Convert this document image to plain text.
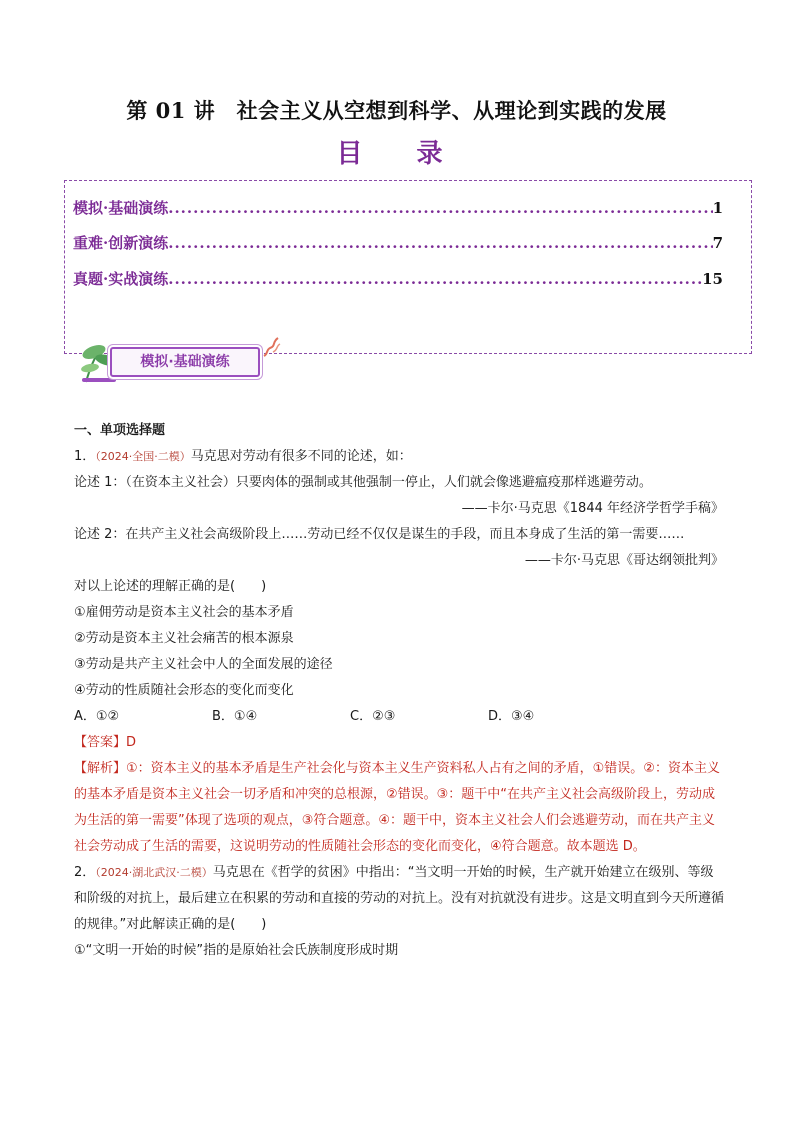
第 01 讲　社会主义从空想到科学、从理论到实践的发展
目　录
模拟·基础演练 .....	1
重难·创新演练 .....	7
真题·实战演练 .....	15
模拟·基础演练

一、单项选择题

1．（2024·全国·二模）马克思对劳动有很多不同的论述，如：

论述 1：（在资本主义社会）只要肉体的强制或其他强制一停止，人们就会像逃避瘟疫那样逃避劳动。

——卡尔·马克思《1844 年经济学哲学手稿》

论述 2：在共产主义社会高级阶段上……劳动已经不仅仅是谋生的手段，而且本身成了生活的第一需要……

——卡尔·马克思《哥达纲领批判》

对以上论述的理解正确的是(　　)

①雇佣劳动是资本主义社会的基本矛盾

②劳动是资本主义社会痛苦的根本源泉

③劳动是共产主义社会中人的全面发展的途径

④劳动的性质随社会形态的变化而变化

A．①②	B．①④	C．②③	D．③④

【答案】D

【解析】①：资本主义的基本矛盾是生产社会化与资本主义生产资料私人占有之间的矛盾，①错误。②：资本主义的基本矛盾是资本主义社会一切矛盾和冲突的总根源，②错误。③：题干中“在共产主义社会高级阶段上，劳动成为生活的第一需要”体现了选项的观点，③符合题意。④：题干中，资本主义社会人们会逃避劳动，而在共产主义社会劳动成了生活的需要，这说明劳动的性质随社会形态的变化而变化，④符合题意。故本题选 D。

2．（2024·湖北武汉·二模）马克思在《哲学的贫困》中指出：“当文明一开始的时候，生产就开始建立在级别、等级和阶级的对抗上，最后建立在积累的劳动和直接的劳动的对抗上。没有对抗就没有进步。这是文明直到今天所遵循的规律。”对此解读正确的是(　　)

①“文明一开始的时候”指的是原始社会氏族制度形成时期
